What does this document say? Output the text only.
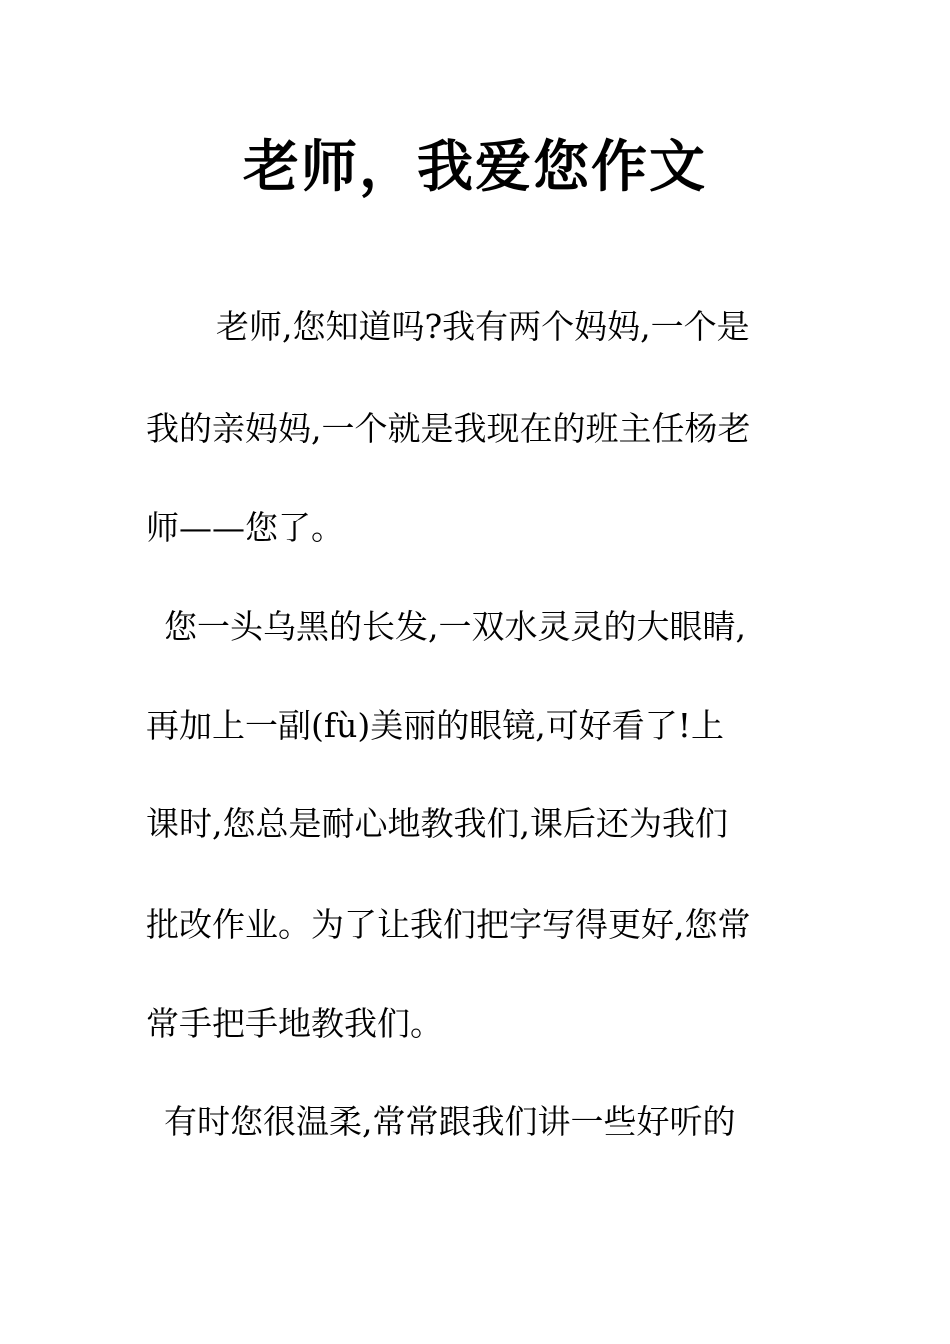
老师，我爱您作文
老师,您知道吗?我有两个妈妈,一个是
我的亲妈妈,一个就是我现在的班主任杨老
师——您了。
您一头乌黑的长发,一双水灵灵的大眼睛,
再加上一副(fù)美丽的眼镜,可好看了!上
课时,您总是耐心地教我们,课后还为我们
批改作业。为了让我们把字写得更好,您常
常手把手地教我们。
有时您很温柔,常常跟我们讲一些好听的
